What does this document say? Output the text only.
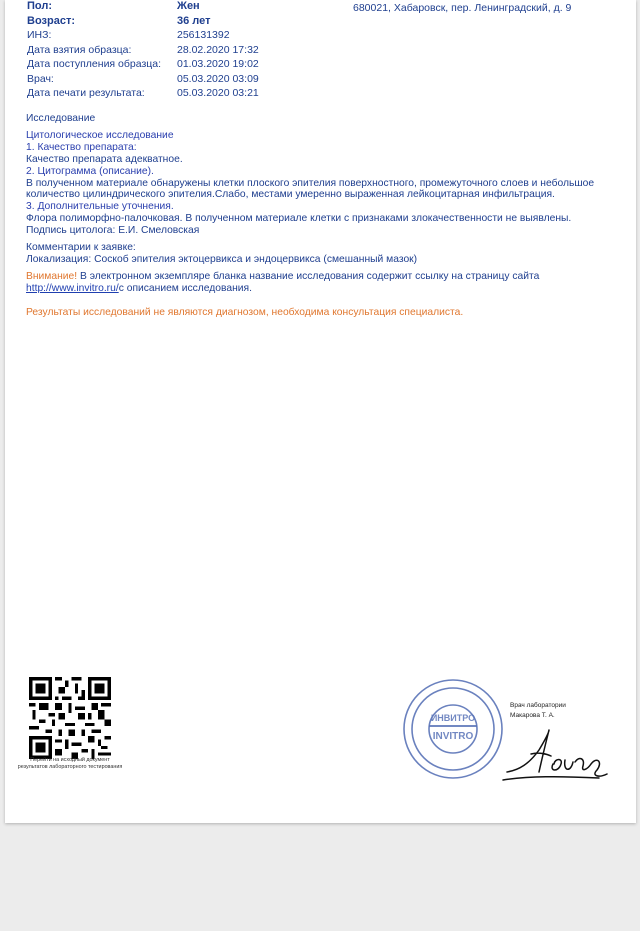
Пол:	Жен
Возраст:	36 лет
ИНЗ:	256131392
Дата взятия образца:	28.02.2020 17:32
Дата поступления образца: 01.03.2020 19:02
Врач:	05.03.2020 03:09
Дата печати результата:	05.03.2020 03:21
680021, Хабаровск, пер. Ленинградский, д. 9
Исследование
Цитологическое исследование
1. Качество препарата:
Качество препарата адекватное.
2. Цитограмма (описание).
В полученном материале обнаружены клетки плоского эпителия поверхностного, промежуточного слоев и небольшое
количество цилиндрического эпителия.Слабо, местами умеренно выраженная лейкоцитарная инфильтрация.
3. Дополнительные уточнения.
Флора полиморфно-палочковая. В полученном материале клетки с признаками злокачественности не выявлены.
Подпись цитолога: Е.И. Смеловская
Комментарии к заявке:
Локализация: Соскоб эпителия эктоцервикса и эндоцервикса (смешанный мазок)
Внимание! В электронном экземпляре бланка название исследования содержит ссылку на страницу сайта
http://www.invitro.ru/с описанием исследования.
Результаты исследований не являются диагнозом, необходима консультация специалиста.
Перейти на исходный документ результатов лабораторного тестирования
ИНВИТРО
INVITRO
Врач лаборатории
Макарова Т. А.
